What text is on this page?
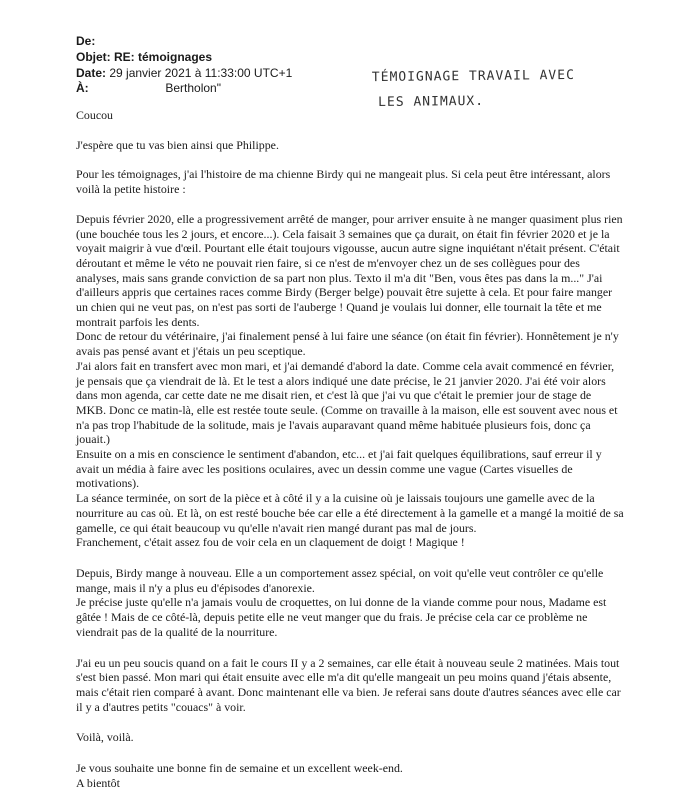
De:
Objet: RE: témoignages
Date: 29 janvier 2021 à 11:33:00 UTC+1
À:	Bertholon"
TÉMOIGNAGE TRAVAIL AVEC
LES ANIMAUX.

Coucou

J'espère que tu vas bien ainsi que Philippe.

Pour les témoignages, j'ai l'histoire de ma chienne Birdy qui ne mangeait plus. Si cela peut être intéressant, alors voilà la petite histoire :

Depuis février 2020, elle a progressivement arrêté de manger, pour arriver ensuite à ne manger quasiment plus rien (une bouchée tous les 2 jours, et encore...). Cela faisait 3 semaines que ça durait, on était fin février 2020 et je la voyait maigrir à vue d'œil. Pourtant elle était toujours vigousse, aucun autre signe inquiétant n'était présent. C'était déroutant et même le véto ne pouvait rien faire, si ce n'est de m'envoyer chez un de ses collègues pour des analyses, mais sans grande conviction de sa part non plus. Texto il m'a dit "Ben, vous êtes pas dans la m..." J'ai d'ailleurs appris que certaines races comme Birdy (Berger belge) pouvait être sujette à cela. Et pour faire manger un chien qui ne veut pas, on n'est pas sorti de l'auberge ! Quand je voulais lui donner, elle tournait la tête et me montrait parfois les dents.

Donc de retour du vétérinaire, j'ai finalement pensé à lui faire une séance (on était fin février). Honnêtement je n'y avais pas pensé avant et j'étais un peu sceptique.

J'ai alors fait en transfert avec mon mari, et j'ai demandé d'abord la date. Comme cela avait commencé en février, je pensais que ça viendrait de là. Et le test a alors indiqué une date précise, le 21 janvier 2020. J'ai été voir alors dans mon agenda, car cette date ne me disait rien, et c'est là que j'ai vu que c'était le premier jour de stage de MKB. Donc ce matin-là, elle est restée toute seule. (Comme on travaille à la maison, elle est souvent avec nous et n'a pas trop l'habitude de la solitude, mais je l'avais auparavant quand même habituée plusieurs fois, donc ça jouait.)

Ensuite on a mis en conscience le sentiment d'abandon, etc... et j'ai fait quelques équilibrations, sauf erreur il y avait un média à faire avec les positions oculaires, avec un dessin comme une vague (Cartes visuelles de motivations).

La séance terminée, on sort de la pièce et à côté il y a la cuisine où je laissais toujours une gamelle avec de la nourriture au cas où. Et là, on est resté bouche bée car elle a été directement à la gamelle et a mangé la moitié de sa gamelle, ce qui était beaucoup vu qu'elle n'avait rien mangé durant pas mal de jours.

Franchement, c'était assez fou de voir cela en un claquement de doigt ! Magique !

Depuis, Birdy mange à nouveau. Elle a un comportement assez spécial, on voit qu'elle veut contrôler ce qu'elle mange, mais il n'y a plus eu d'épisodes d'anorexie.

Je précise juste qu'elle n'a jamais voulu de croquettes, on lui donne de la viande comme pour nous, Madame est gâtée ! Mais de ce côté-là, depuis petite elle ne veut manger que du frais. Je précise cela car ce problème ne viendrait pas de la qualité de la nourriture.

J'ai eu un peu soucis quand on a fait le cours II y a 2 semaines, car elle était à nouveau seule 2 matinées. Mais tout s'est bien passé. Mon mari qui était ensuite avec elle m'a dit qu'elle mangeait un peu moins quand j'étais absente, mais c'était rien comparé à avant. Donc maintenant elle va bien. Je referai sans doute d'autres séances avec elle car il y a d'autres petits "couacs" à voir.

Voilà, voilà.

Je vous souhaite une bonne fin de semaine et un excellent week-end.

A bientôt
